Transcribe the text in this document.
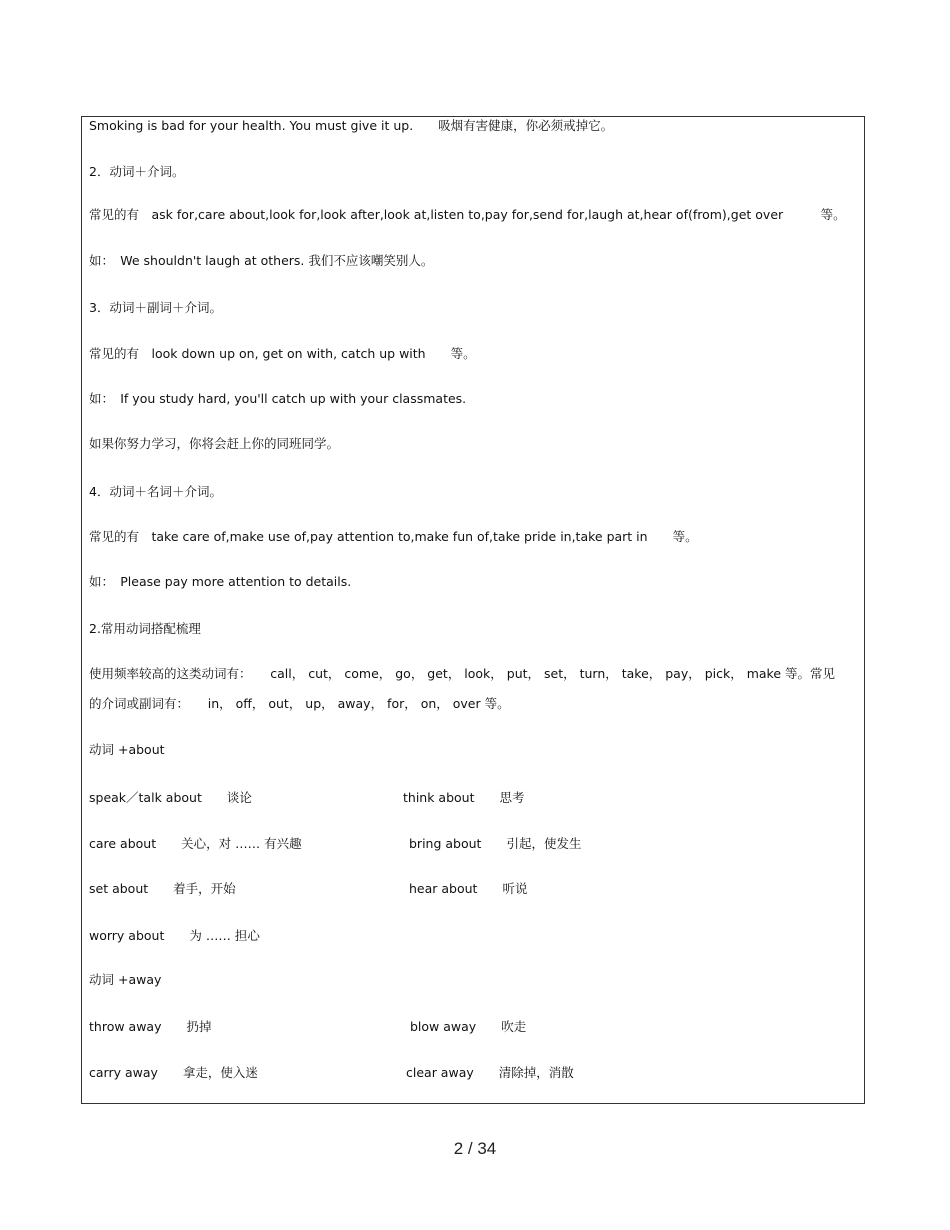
Smoking is bad for your health. You must give it up.　　吸烟有害健康，你必须戒掉它。
2．动词＋介词。
常见的有　ask for,care about,look for,look after,look at,listen to,pay for,send for,laugh at,hear of(from),get over　　　等。
如：　We shouldn't laugh at others. 我们不应该嘲笑别人。
3．动词＋副词＋介词。
常见的有　look down up on, get on with, catch up with　　等。
如：　If you study hard, you'll catch up with your classmates.
如果你努力学习，你将会赶上你的同班同学。
4．动词＋名词＋介词。
常见的有　take care of,make use of,pay attention to,make fun of,take pride in,take part in　　等。
如：　Please pay more attention to details.
2.常用动词搭配梳理
使用频率较高的这类动词有：　　call， cut， come， go， get， look， put， set， turn， take， pay， pick， make 等。常见
的介词或副词有：　　in， off， out， up， away， for， on， over 等。
动词 +about
speak／talk about　　谈论	think about　　思考
care about　　关心，对 …… 有兴趣	bring about　　引起，使发生
set about　　着手，开始	hear about　　听说
worry about　　为 …… 担心
动词 +away
throw away　　扔掉	blow away　　吹走
carry away　　拿走，使入迷	clear away　　清除掉，消散
2 / 34
